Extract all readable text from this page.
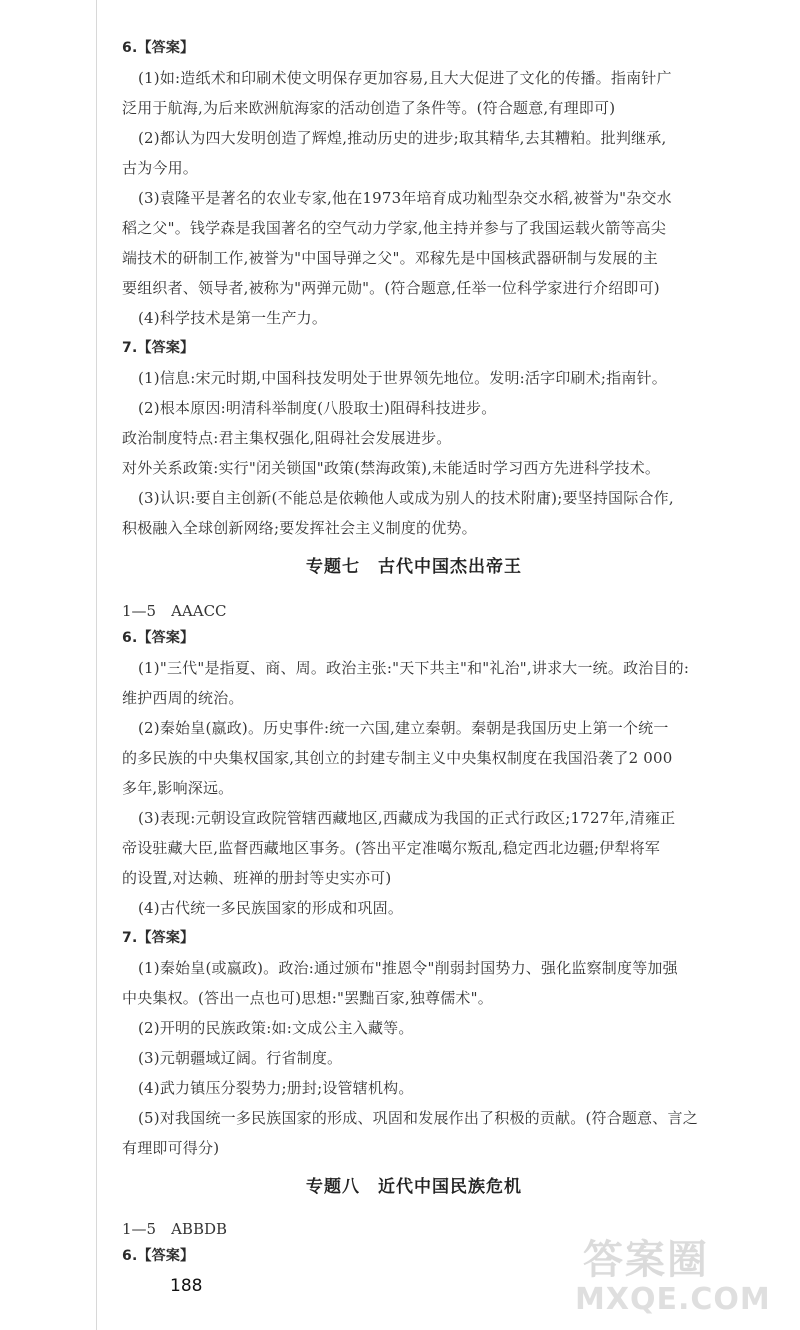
6.【答案】
(1)如:造纸术和印刷术使文明保存更加容易,且大大促进了文化的传播。指南针广
泛用于航海,为后来欧洲航海家的活动创造了条件等。(符合题意,有理即可)
(2)都认为四大发明创造了辉煌,推动历史的进步;取其精华,去其糟粕。批判继承,
古为今用。
(3)袁隆平是著名的农业专家,他在1973年培育成功籼型杂交水稻,被誉为"杂交水
稻之父"。钱学森是我国著名的空气动力学家,他主持并参与了我国运载火箭等高尖
端技术的研制工作,被誉为"中国导弹之父"。邓稼先是中国核武器研制与发展的主
要组织者、领导者,被称为"两弹元勋"。(符合题意,任举一位科学家进行介绍即可)
(4)科学技术是第一生产力。
7.【答案】
(1)信息:宋元时期,中国科技发明处于世界领先地位。发明:活字印刷术;指南针。
(2)根本原因:明清科举制度(八股取士)阻碍科技进步。
政治制度特点:君主集权强化,阻碍社会发展进步。
对外关系政策:实行"闭关锁国"政策(禁海政策),未能适时学习西方先进科学技术。
(3)认识:要自主创新(不能总是依赖他人或成为别人的技术附庸);要坚持国际合作,
积极融入全球创新网络;要发挥社会主义制度的优势。
专题七　古代中国杰出帝王
1—5　AAACC
6.【答案】
(1)"三代"是指夏、商、周。政治主张:"天下共主"和"礼治",讲求大一统。政治目的:
维护西周的统治。
(2)秦始皇(嬴政)。历史事件:统一六国,建立秦朝。秦朝是我国历史上第一个统一
的多民族的中央集权国家,其创立的封建专制主义中央集权制度在我国沿袭了2 000
多年,影响深远。
(3)表现:元朝设宣政院管辖西藏地区,西藏成为我国的正式行政区;1727年,清雍正
帝设驻藏大臣,监督西藏地区事务。(答出平定准噶尔叛乱,稳定西北边疆;伊犁将军
的设置,对达赖、班禅的册封等史实亦可)
(4)古代统一多民族国家的形成和巩固。
7.【答案】
(1)秦始皇(或嬴政)。政治:通过颁布"推恩令"削弱封国势力、强化监察制度等加强
中央集权。(答出一点也可)思想:"罢黜百家,独尊儒术"。
(2)开明的民族政策:如:文成公主入藏等。
(3)元朝疆域辽阔。行省制度。
(4)武力镇压分裂势力;册封;设管辖机构。
(5)对我国统一多民族国家的形成、巩固和发展作出了积极的贡献。(符合题意、言之
有理即可得分)
专题八　近代中国民族危机
1—5　ABBDB
6.【答案】
188
答案圈
MXQE.COM
